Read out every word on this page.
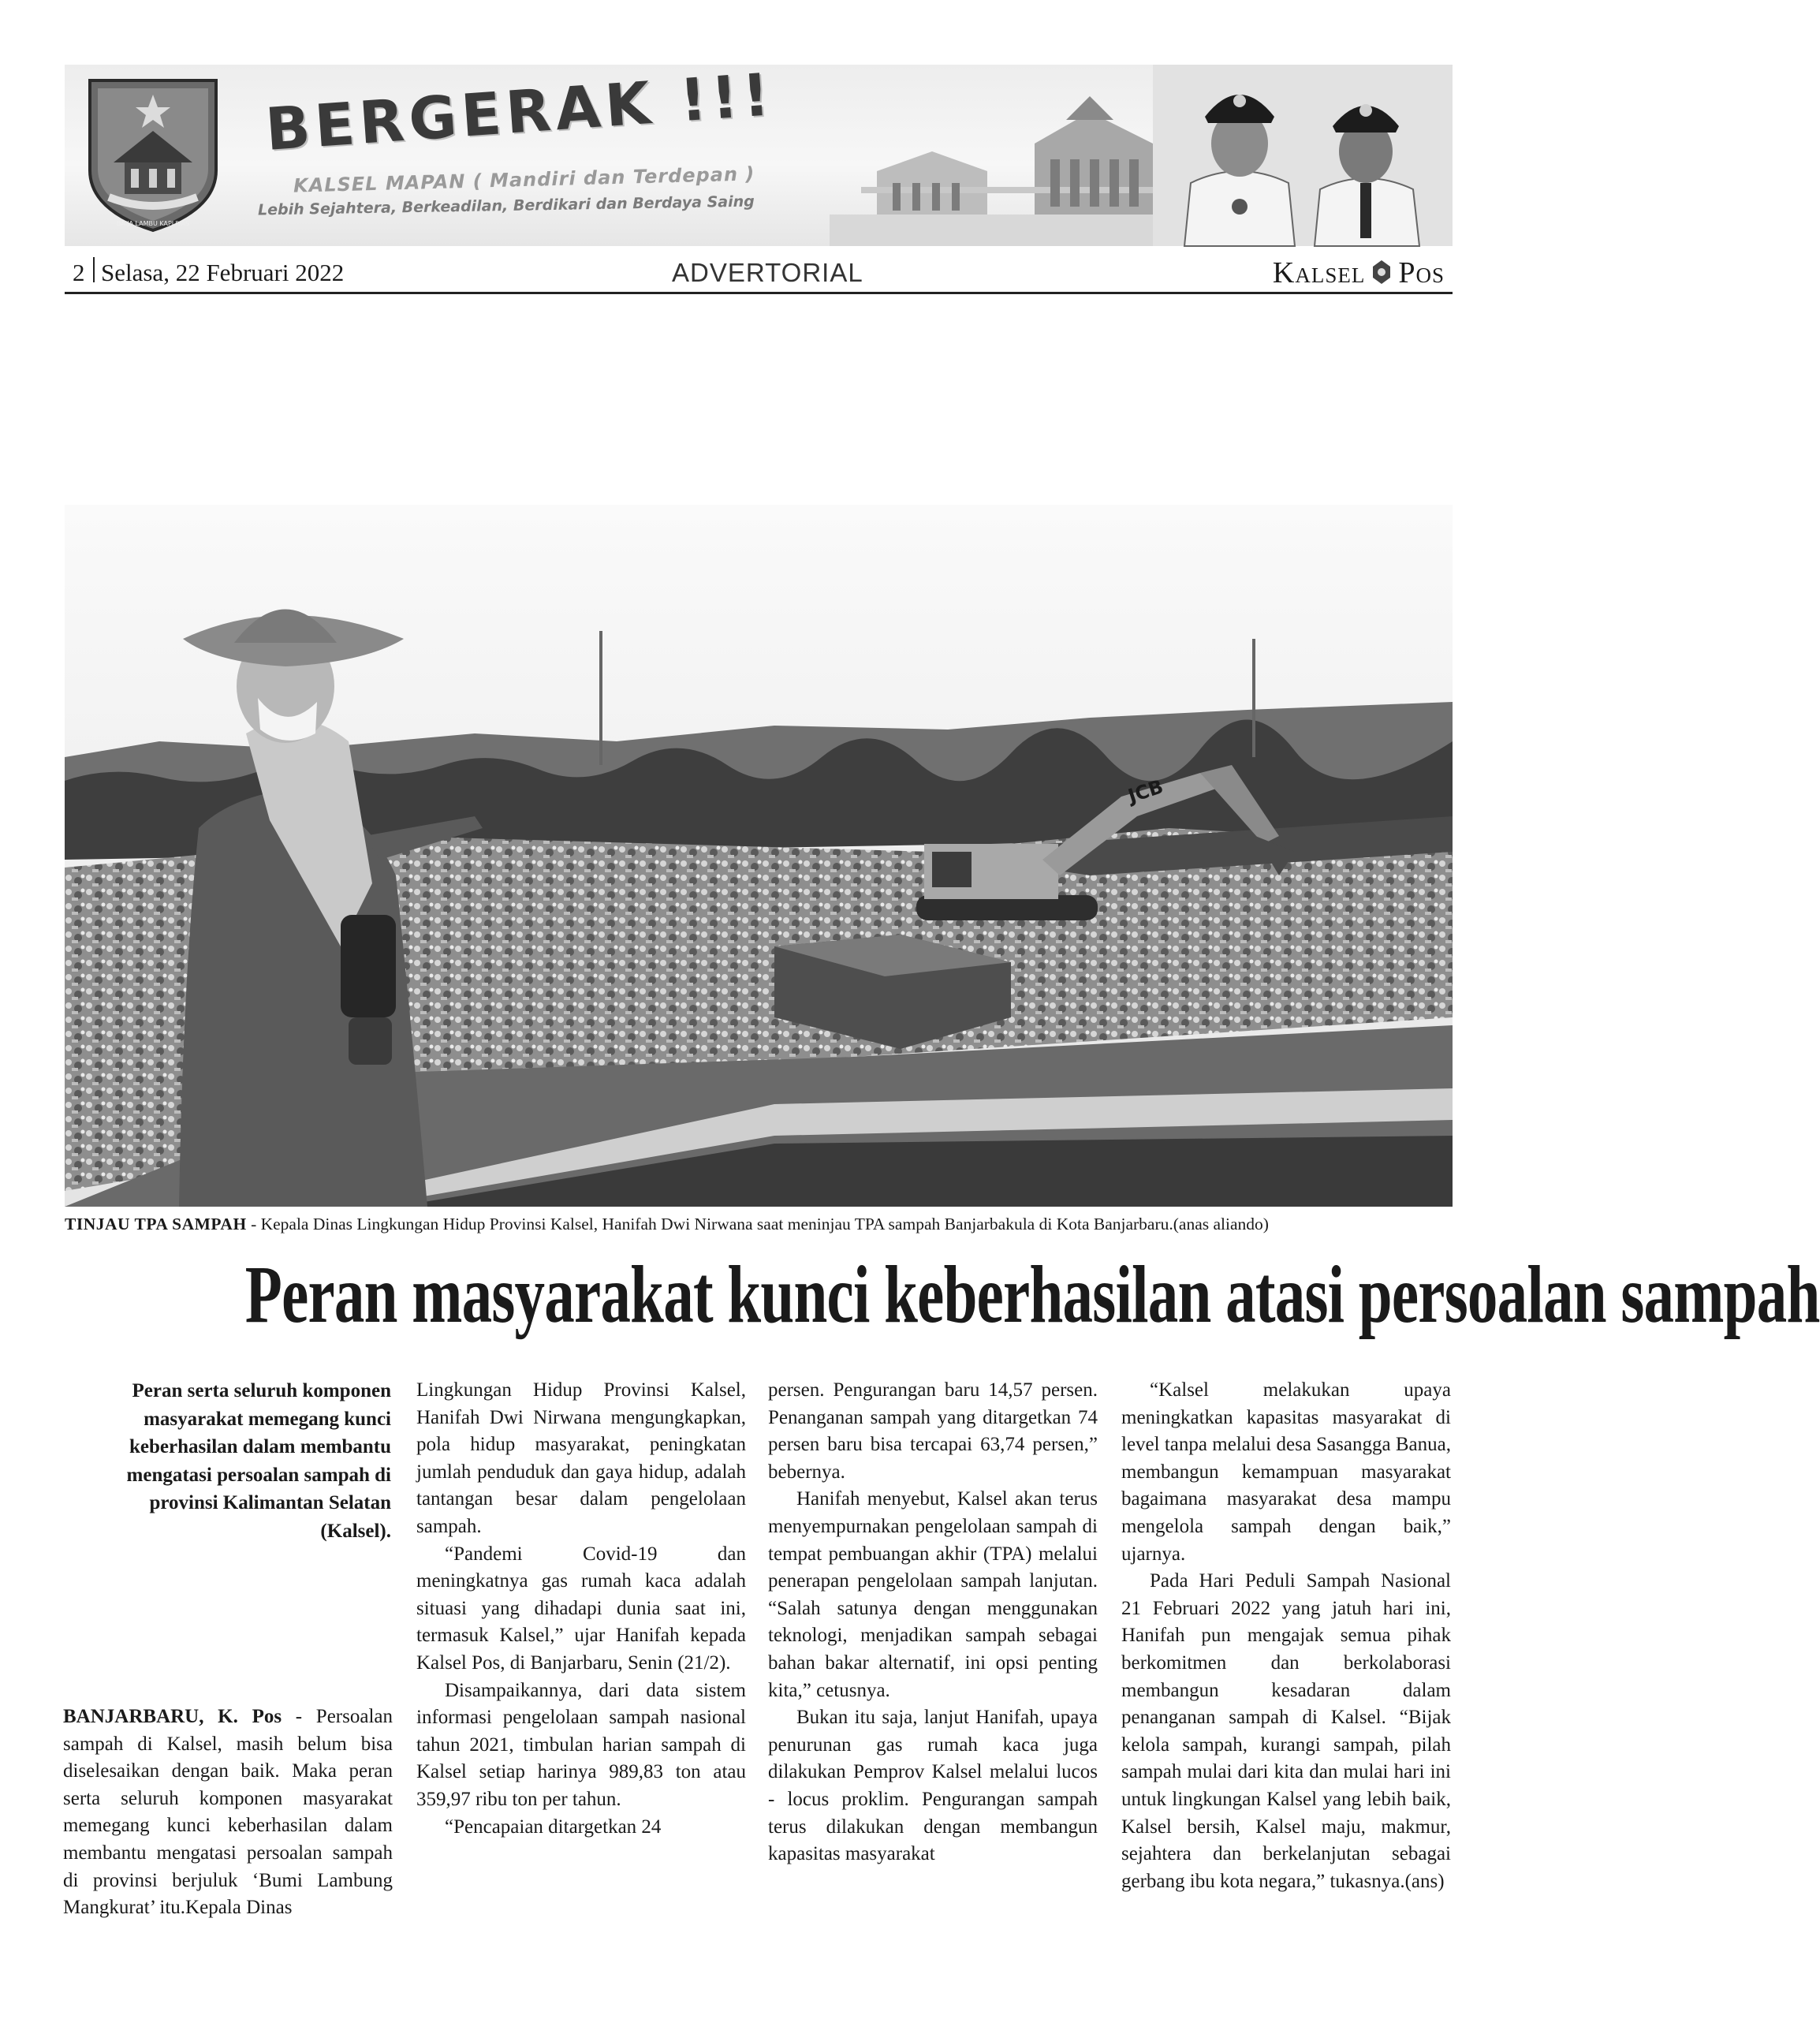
BAIJA LAMBU KAPLIVAS
BERGERAK !!!
KALSEL MAPAN ( Mandiri dan Terdepan )
Lebih Sejahtera, Berkeadilan, Berdikari dan Berdaya Saing
2 Selasa, 22 Februari 2022	ADVERTORIAL	Kalsel Pos
JCB
TINJAU TPA SAMPAH - Kepala Dinas Lingkungan Hidup Provinsi Kalsel, Hanifah Dwi Nirwana saat meninjau TPA sampah Banjarbakula di Kota Banjarbaru.(anas aliando)
Peran masyarakat kunci keberhasilan atasi persoalan sampah
Peran serta seluruh komponen masyarakat memegang kunci keberhasilan dalam membantu mengatasi persoalan sampah di provinsi Kalimantan Selatan (Kalsel).

BANJARBARU, K. Pos - Persoalan sampah di Kalsel, masih belum bisa diselesaikan dengan baik. Maka peran serta seluruh komponen masyarakat memegang kunci keberhasilan dalam membantu mengatasi persoalan sampah di provinsi berjuluk ‘Bumi Lambung Mangkurat’ itu.Kepala Dinas

Lingkungan Hidup Provinsi Kalsel, Hanifah Dwi Nirwana mengungkapkan, pola hidup masyarakat, peningkatan jumlah penduduk dan gaya hidup, adalah tantangan besar dalam pengelolaan sampah.

“Pandemi Covid-19 dan meningkatnya gas rumah kaca adalah situasi yang dihadapi dunia saat ini, termasuk Kalsel,” ujar Hanifah kepada Kalsel Pos, di Banjarbaru, Senin (21/2).

Disampaikannya, dari data sistem informasi pengelolaan sampah nasional tahun 2021, timbulan harian sampah di Kalsel setiap harinya 989,83 ton atau 359,97 ribu ton per tahun.

“Pencapaian ditargetkan 24

persen. Pengurangan baru 14,57 persen. Penanganan sampah yang ditargetkan 74 persen baru bisa tercapai 63,74 persen,” bebernya.

Hanifah menyebut, Kalsel akan terus menyempurnakan pengelolaan sampah di tempat pembuangan akhir (TPA) melalui penerapan pengelolaan sampah lanjutan. “Salah satunya dengan menggunakan teknologi, menjadikan sampah sebagai bahan bakar alternatif, ini opsi penting kita,” cetusnya.

Bukan itu saja, lanjut Hanifah, upaya penurunan gas rumah kaca juga dilakukan Pemprov Kalsel melalui lucos - locus proklim. Pengurangan sampah terus dilakukan dengan membangun kapasitas masyarakat

“Kalsel melakukan upaya meningkatkan kapasitas masyarakat di level tanpa melalui desa Sasangga Banua, membangun kemampuan masyarakat bagaimana masyarakat desa mampu mengelola sampah dengan baik,” ujarnya.

Pada Hari Peduli Sampah Nasional 21 Februari 2022 yang jatuh hari ini, Hanifah pun mengajak semua pihak berkomitmen dan berkolaborasi membangun kesadaran dalam penanganan sampah di Kalsel. “Bijak kelola sampah, kurangi sampah, pilah sampah mulai dari kita dan mulai hari ini untuk lingkungan Kalsel yang lebih baik, Kalsel bersih, Kalsel maju, makmur, sejahtera dan berkelanjutan sebagai gerbang ibu kota negara,” tukasnya.(ans)
